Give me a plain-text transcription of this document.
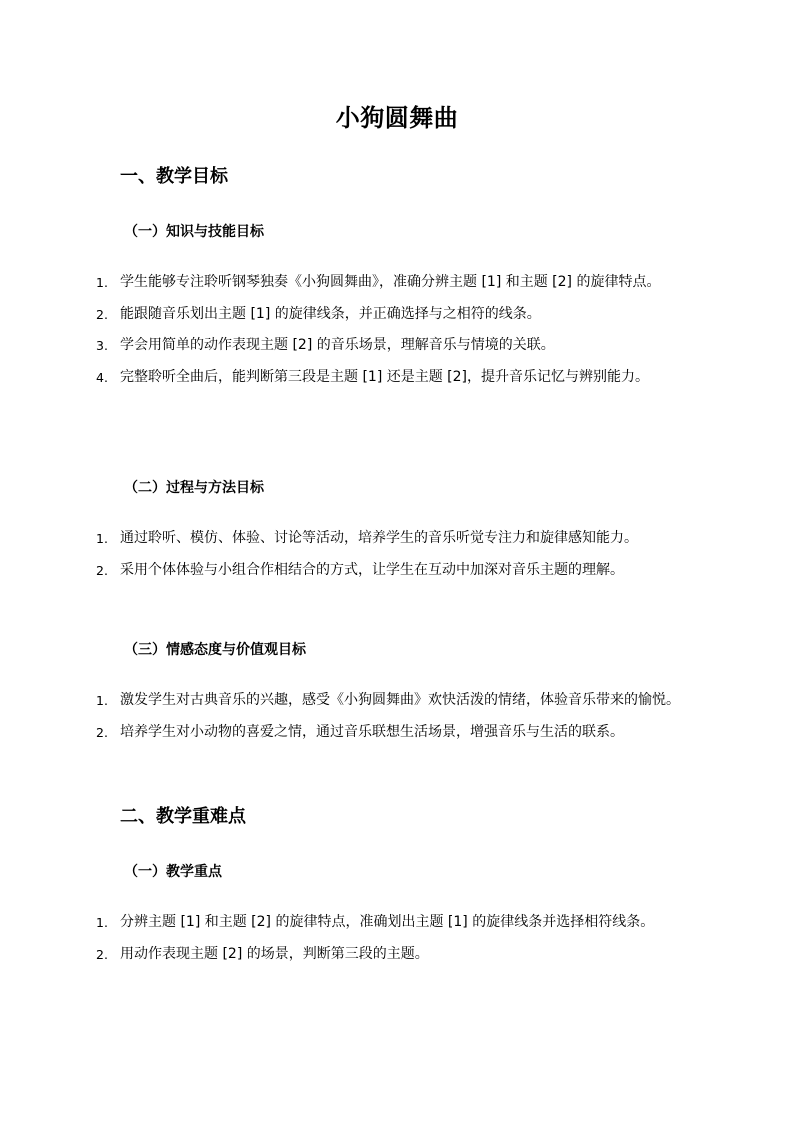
小狗圆舞曲
一、教学目标
（一）知识与技能目标
1. 学生能够专注聆听钢琴独奏《小狗圆舞曲》，准确分辨主题 [1] 和主题 [2] 的旋律特点。
2. 能跟随音乐划出主题 [1] 的旋律线条，并正确选择与之相符的线条。
3. 学会用简单的动作表现主题 [2] 的音乐场景，理解音乐与情境的关联。
4. 完整聆听全曲后，能判断第三段是主题 [1] 还是主题 [2]，提升音乐记忆与辨别能力。
（二）过程与方法目标
1. 通过聆听、模仿、体验、讨论等活动，培养学生的音乐听觉专注力和旋律感知能力。
2. 采用个体体验与小组合作相结合的方式，让学生在互动中加深对音乐主题的理解。
（三）情感态度与价值观目标
1. 激发学生对古典音乐的兴趣，感受《小狗圆舞曲》欢快活泼的情绪，体验音乐带来的愉悦。
2. 培养学生对小动物的喜爱之情，通过音乐联想生活场景，增强音乐与生活的联系。
二、教学重难点
（一）教学重点
1. 分辨主题 [1] 和主题 [2] 的旋律特点，准确划出主题 [1] 的旋律线条并选择相符线条。
2. 用动作表现主题 [2] 的场景，判断第三段的主题。
